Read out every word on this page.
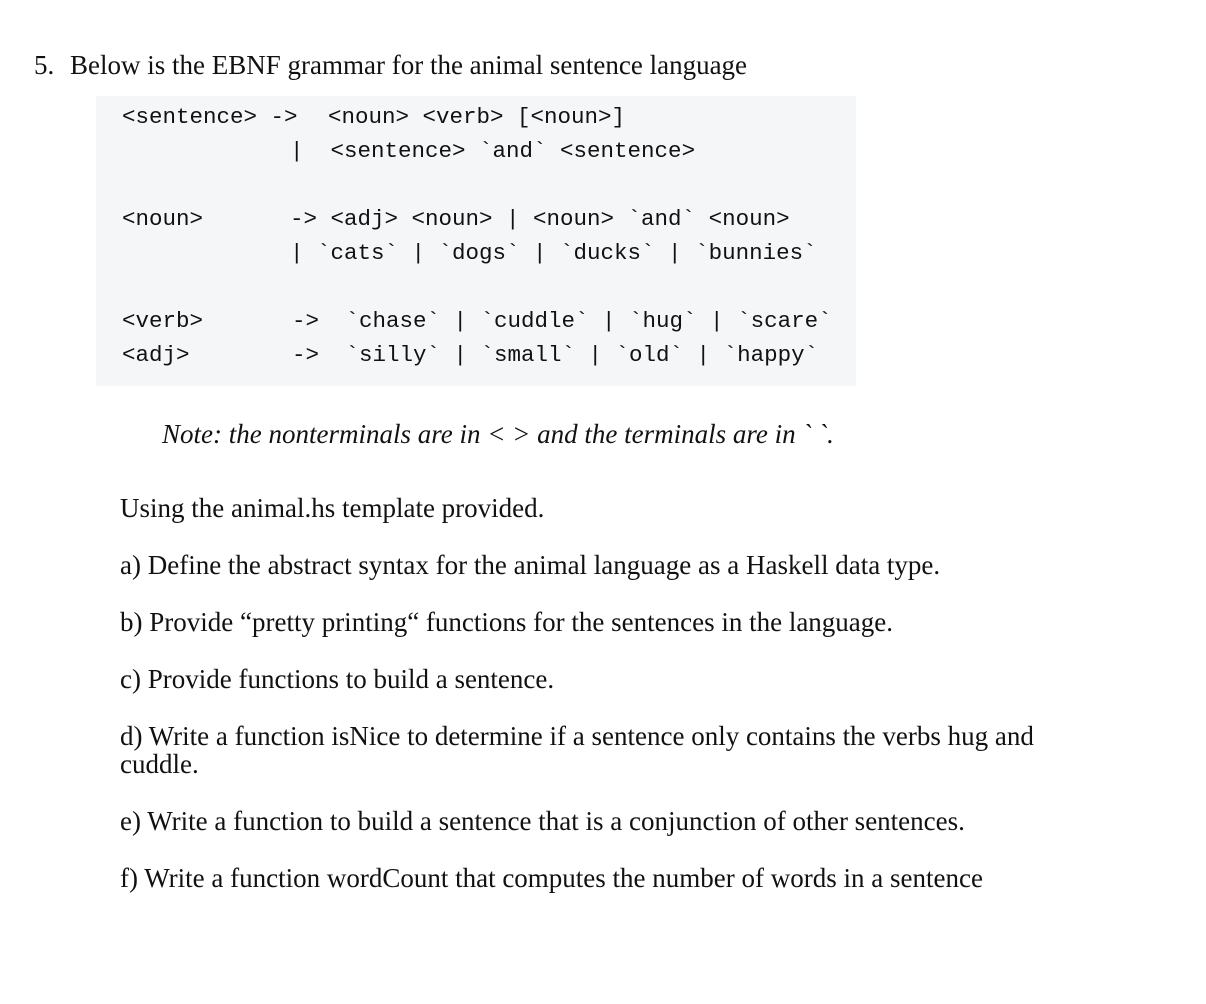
5. Below is the EBNF grammar for the animal sentence language
<sentence> -> <noun> <verb> [<noun>]
|  <sentence> `and` <sentence>
<noun>	-> <adj> <noun> | <noun> `and` <noun>
| `cats` | `dogs` | `ducks` | `bunnies`
<verb>	-> `chase` | `cuddle` | `hug` | `scare`
<adj>	-> `silly` | `small` | `old` | `happy`
Note: the nonterminals are in < > and the terminals are in ` `.
Using the animal.hs template provided.
a) Define the abstract syntax for the animal language as a Haskell data type.
b) Provide “pretty printing“ functions for the sentences in the language.
c) Provide functions to build a sentence.
d) Write a function isNice to determine if a sentence only contains the verbs hug and cuddle.
e) Write a function to build a sentence that is a conjunction of other sentences.
f) Write a function wordCount that computes the number of words in a sentence
